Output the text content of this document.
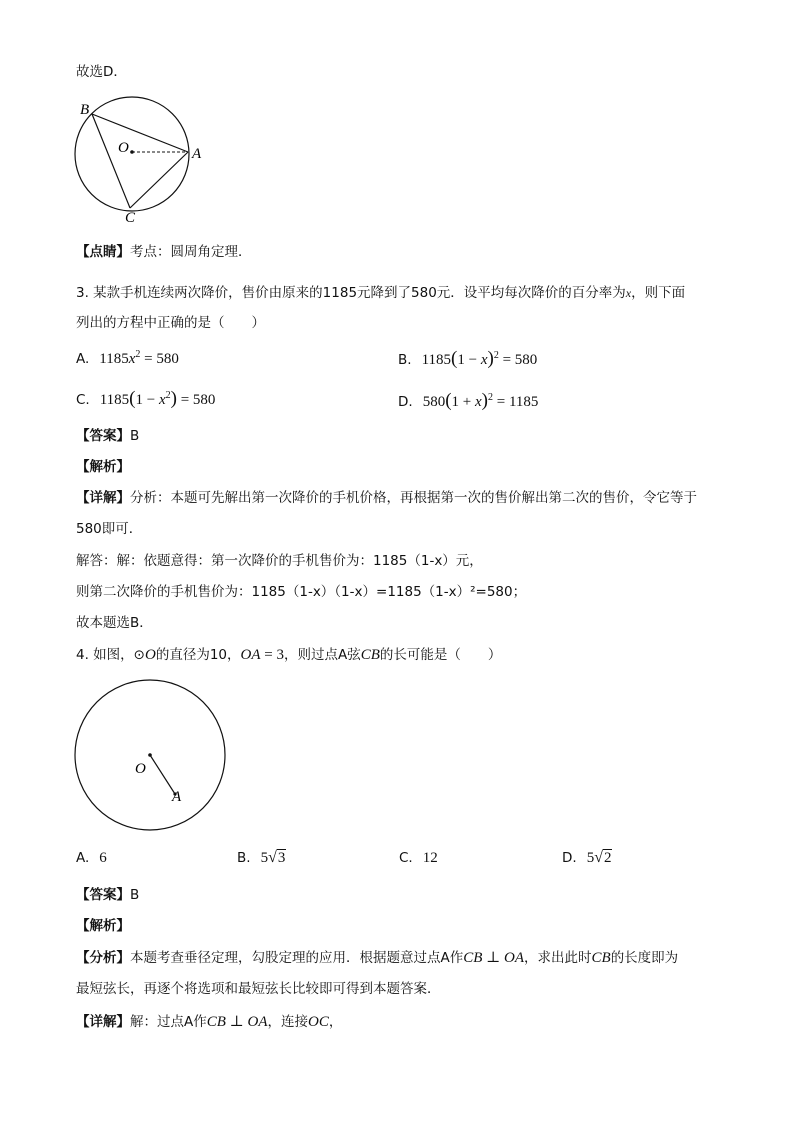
故选D．
B
O	A
C
【点睛】考点：圆周角定理．
3. 某款手机连续两次降价，售价由原来的1185元降到了580元．设平均每次降价的百分率为x，则下面
列出的方程中正确的是（　　）
A. $1185x^2 = 580$	B. $1185(1 - x)^2 = 580$
C. $1185(1 - x^2) = 580$	D. $580(1 + x)^2 = 1185$
【答案】B
【解析】
【详解】分析：本题可先解出第一次降价的手机价格，再根据第一次的售价解出第二次的售价，令它等于
580即可．
解答：解：依题意得：第一次降价的手机售价为：1185（1-x）元，
则第二次降价的手机售价为：1185（1-x）（1-x）=1185（1-x）²=580；
故本题选B．
4. 如图，⊙O的直径为10，OA = 3，则过点A弦CB的长可能是（　　）
O
A
A. 6	B. 5√3	C. 12	D. 5√2
【答案】B
【解析】
【分析】本题考查垂径定理，勾股定理的应用．根据题意过点A作CB ⊥ OA，求出此时CB的长度即为
最短弦长，再逐个将选项和最短弦长比较即可得到本题答案．
【详解】解：过点A作CB ⊥ OA，连接OC，
